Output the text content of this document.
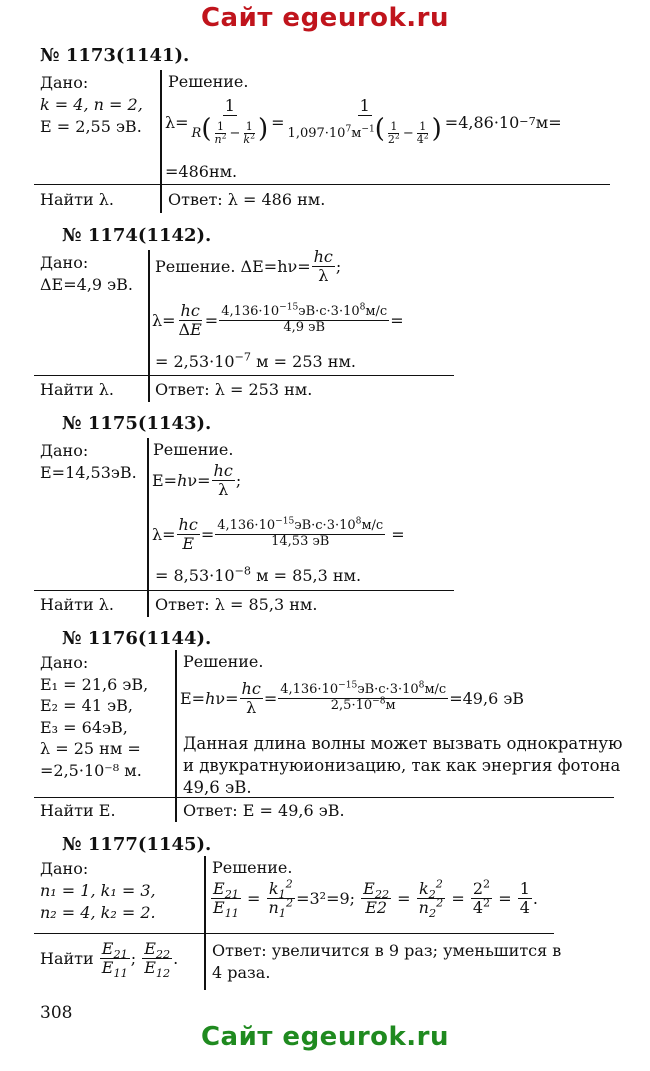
Сайт egeurok.ru
№ 1173(1141).
Дано:
k = 4, n = 2,
E = 2,55 эВ.
Решение.
$\lambda= \frac{1}{R( \frac{1}{n^2} - \frac{1}{k^2} )} = \frac{1}{1,097\cdot 10^7м^{-1}( \frac{1}{2^2} - \frac{1}{4^2} )} =4,86\cdot 10 -7$ м=
=486нм.
Найти λ.	Ответ: λ = 486 нм.
№ 1174(1142).
Дано:
ΔE=4,9 эВ.
Решение. $\Delta E=h\nu= \frac{hc}{\lambda}$ ;
$\lambda= \frac{hc}{\Delta E} = \frac{4,136\cdot 10^{-15}эВ\cdot c\cdot 3\cdot 10^8м/с}{4,9 эВ}$ =
= $2,53\cdot 10^{-7}$ м = 253 нм.
Найти λ.	Ответ: λ = 253 нм.
№ 1175(1143).
Дано:
E=14,53эВ.
Решение.
$E=h\nu= \frac{hc}{\lambda}$ ;
$\lambda= \frac{hc}{E} = \frac{4,136\cdot 10^{-15}эВ\cdot c\cdot 3\cdot 10^8м/с}{14,53 эВ}$ =
= $8,53\cdot 10^{-8}$ м = 85,3 нм.
Найти λ.	Ответ: λ = 85,3 нм.
№ 1176(1144).
Дано:
E₁ = 21,6 эВ,
E₂ = 41 эВ,
E₃ = 64эВ,
λ = 25 нм =
=2,5·10⁻⁸ м.
Решение.
$E=h\nu= \frac{hc}{\lambda} = \frac{4,136\cdot 10^{-15}эВ\cdot c\cdot 3\cdot 10^8м/с}{2,5\cdot 10^{-8}м} =49,6$ эВ
Данная длина волны может вызвать однократную
и двукратнуюионизацию, так как энергия фотона
49,6 эВ.
Найти E.	Ответ: E = 49,6 эВ.
№ 1177(1145).
Дано:
n₁ = 1, k₁ = 3,
n₂ = 4, k₂ = 2.
Решение.
$\frac{E_{21}}{E_{11}} = \frac{k_1^2}{n_1^2} =3^2=9$;
$\frac{E_{22}}{E2} = \frac{k_2^2}{n_2^2} = \frac{2^2}{4^2} = \frac{1}{4}$ .
Найти
$\frac{E_{21}}{E_{11}}$ ;
$\frac{E_{22}}{E_{12}}$ . Ответ: увеличится в 9 раз; уменьшится в
4 раза.
308
Сайт egeurok.ru
